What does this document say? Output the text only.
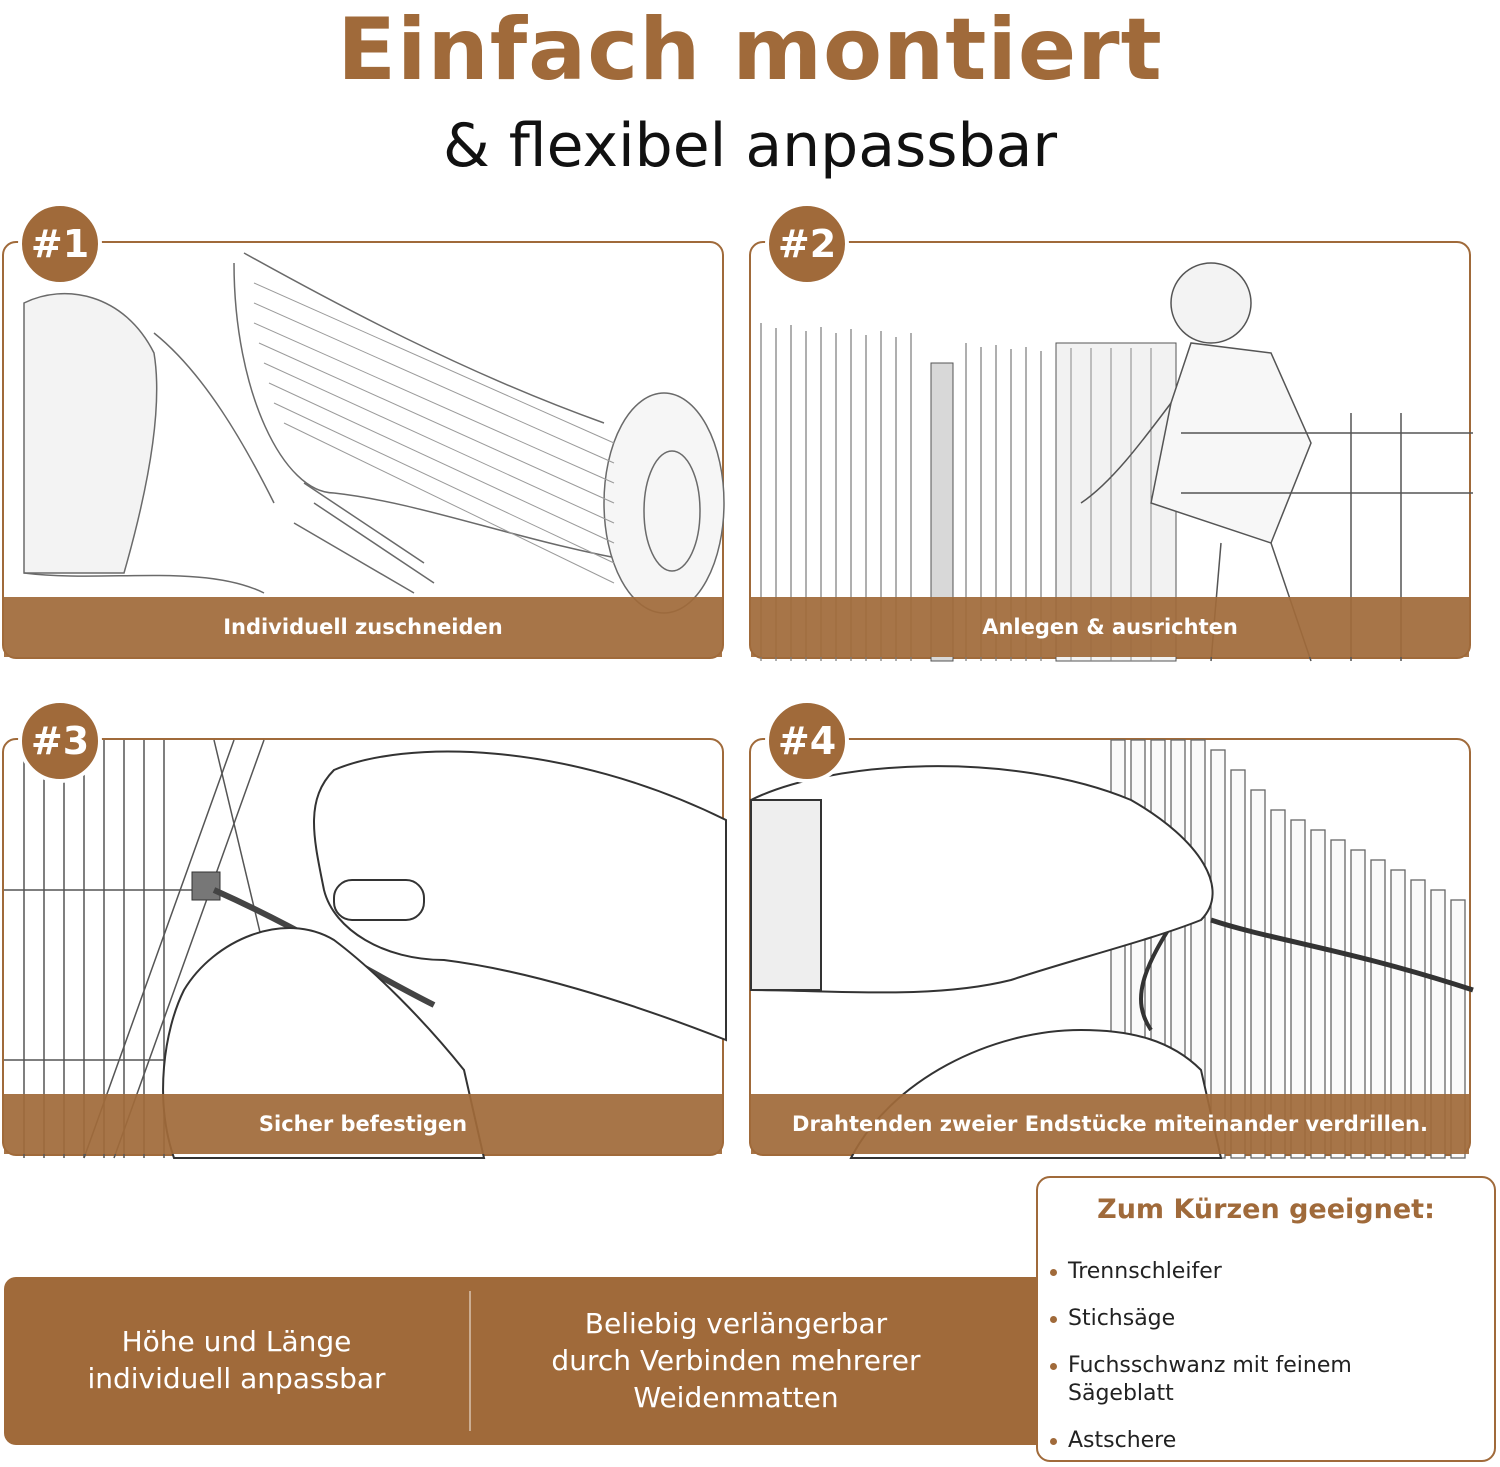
Einfach montiert
& flexibel anpassbar
Individuell zuschneiden
#1
Anlegen & ausrichten
#2
Sicher befestigen
#3
Drahtenden zweier Endstücke miteinander verdrillen.
#4
Höhe und Länge
individuell anpassbar
Beliebig verlängerbar
durch Verbinden mehrerer
Weidenmatten
Zum Kürzen geeignet:
Trennschleifer
Stichsäge
Fuchsschwanz mit feinem
Sägeblatt
Astschere
